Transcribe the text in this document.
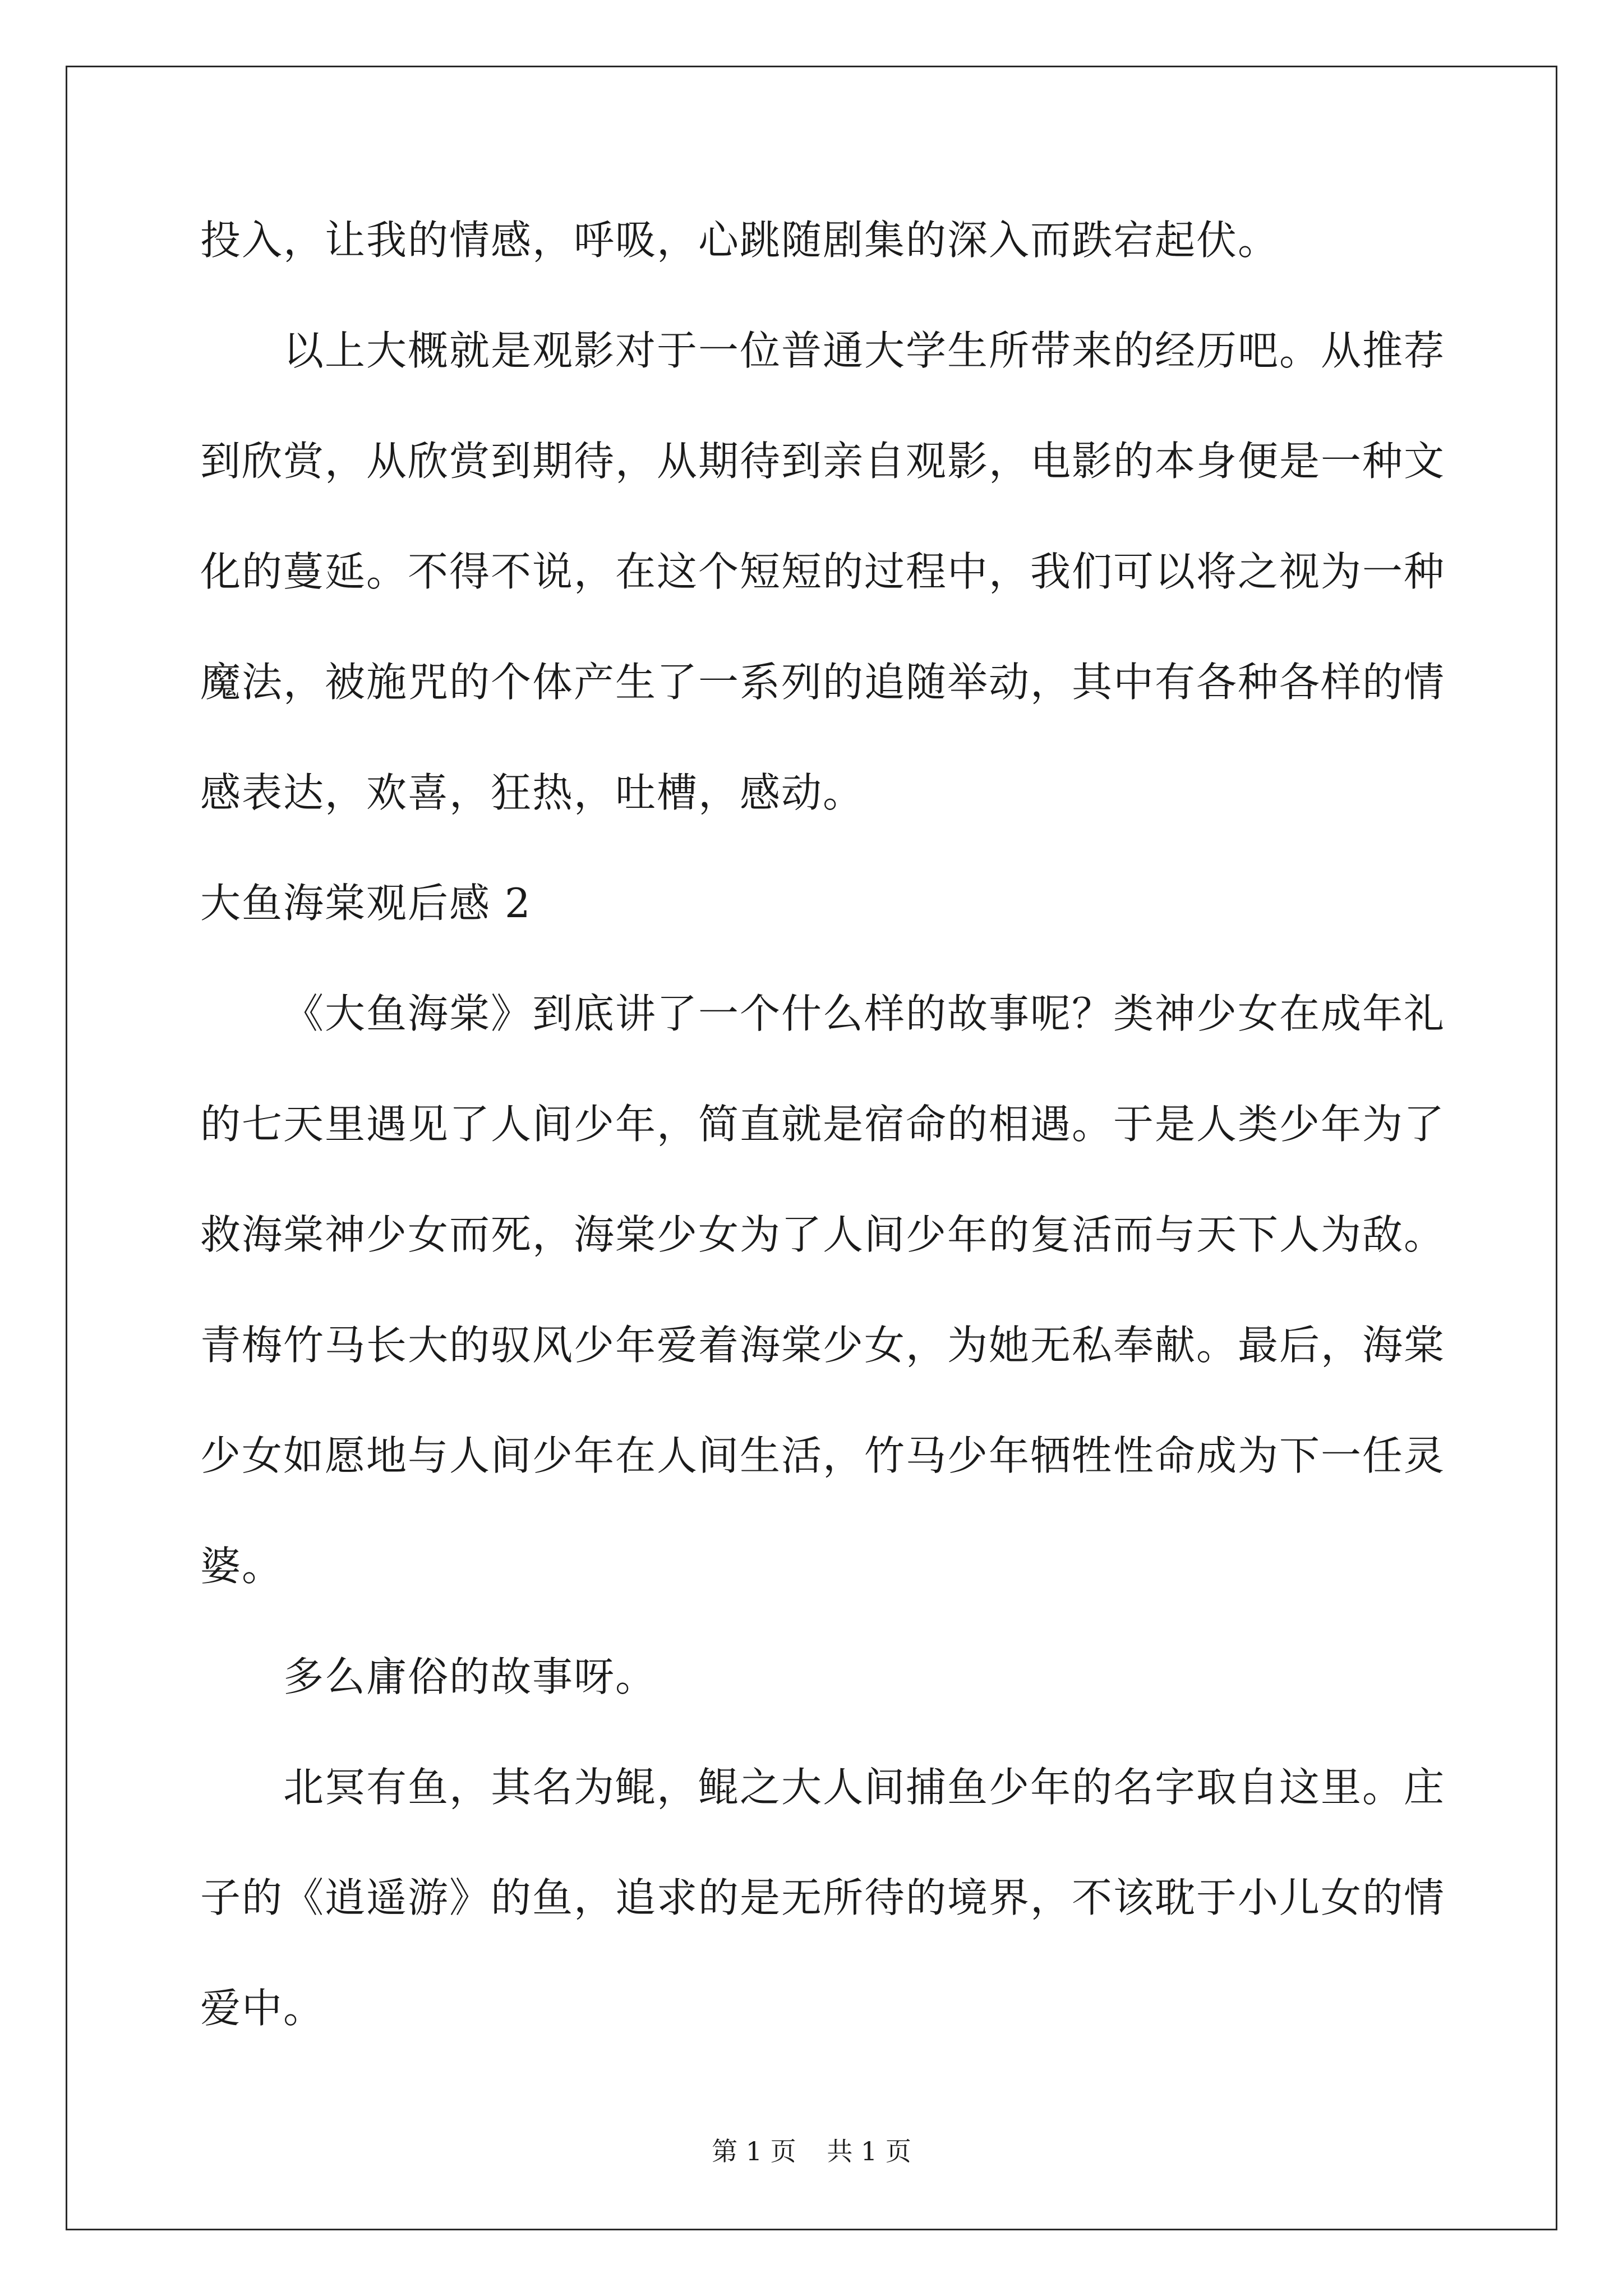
投入，让我的情感，呼吸，心跳随剧集的深入而跌宕起伏。
以上大概就是观影对于一位普通大学生所带来的经历吧。从推荐
到欣赏，从欣赏到期待，从期待到亲自观影，电影的本身便是一种文
化的蔓延。不得不说，在这个短短的过程中，我们可以将之视为一种
魔法，被施咒的个体产生了一系列的追随举动，其中有各种各样的情
感表达，欢喜，狂热，吐槽，感动。
大鱼海棠观后感 2
《大鱼海棠》到底讲了一个什么样的故事呢？类神少女在成年礼
的七天里遇见了人间少年，简直就是宿命的相遇。于是人类少年为了
救海棠神少女而死，海棠少女为了人间少年的复活而与天下人为敌。
青梅竹马长大的驭风少年爱着海棠少女，为她无私奉献。最后，海棠
少女如愿地与人间少年在人间生活，竹马少年牺牲性命成为下一任灵
婆。
多么庸俗的故事呀。
北冥有鱼，其名为鲲，鲲之大人间捕鱼少年的名字取自这里。庄
子的《逍遥游》的鱼，追求的是无所待的境界，不该耽于小儿女的情
爱中。
第 1 页 共 1 页
